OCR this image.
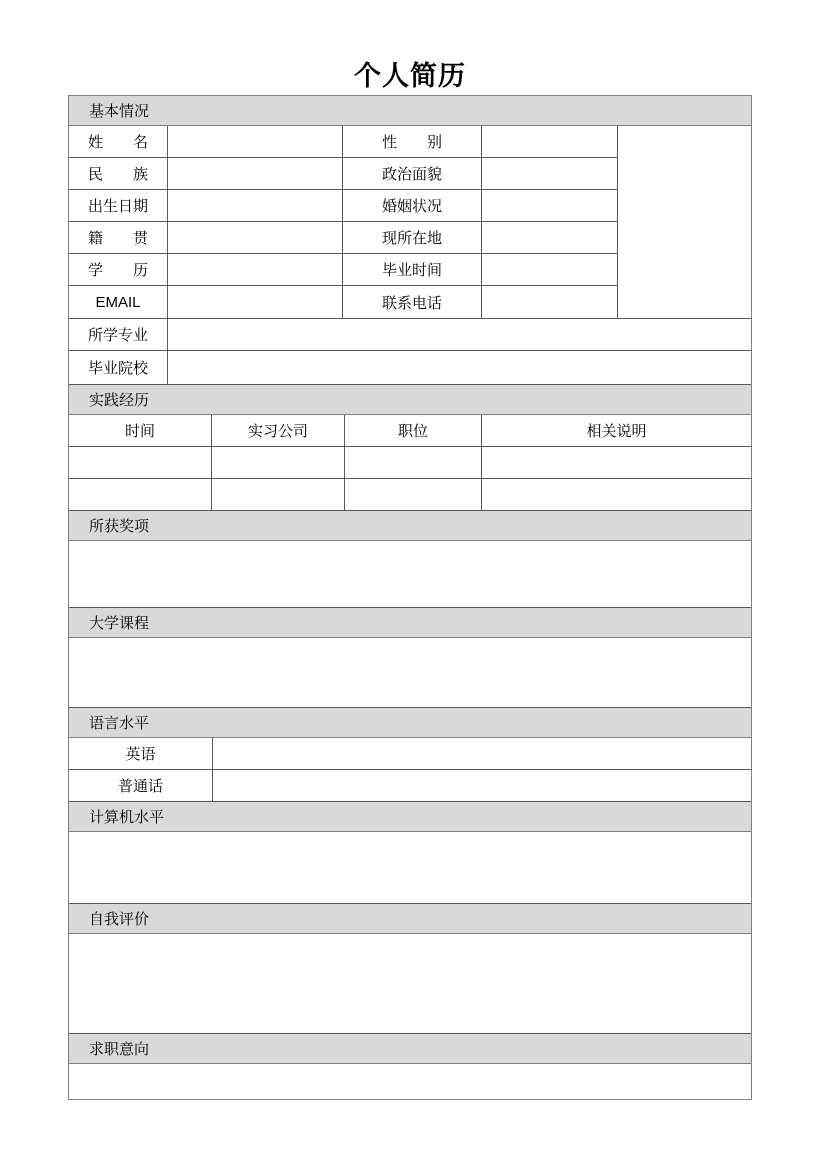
个人简历
基本情况
姓　　名	性　　别
民　　族	政治面貌
出生日期	婚姻状况
籍　　贯	现所在地
学　　历	毕业时间
EMAIL	联系电话
所学专业
毕业院校
实践经历
时间	实习公司	职位	相关说明
所获奖项
大学课程
语言水平
英语
普通话
计算机水平
自我评价
求职意向
